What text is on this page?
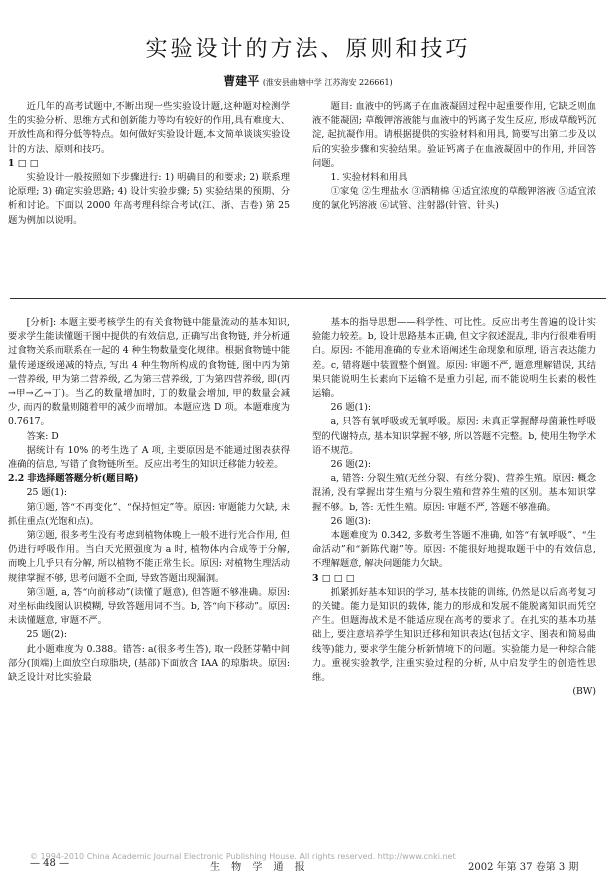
实验设计的方法、原则和技巧
曹建平 (淮安县曲塘中学 江苏海安 226661)

近几年的高考试题中,不断出现一些实验设计题,这种题对检测学生的实验分析、思维方式和创新能力等均有较好的作用,具有难度大、开放性高和得分低等特点。如何做好实验设计题,本文简单谈谈实验设计的方法、原则和技巧。

1 □ □

实验设计一般按照如下步骤进行: 1) 明确目的和要求; 2) 联系理论原理; 3) 确定实验思路; 4) 设计实验步骤; 5) 实验结果的预期、分析和讨论。下面以 2000 年高考理科综合考试(江、浙、吉卷) 第 25 题为例加以说明。

题目: 血液中的钙离子在血液凝固过程中起重要作用, 它缺乏则血液不能凝固; 草酸钾溶液能与血液中的钙离子发生反应, 形成草酸钙沉淀, 起抗凝作用。请根据提供的实验材料和用具, 简要写出第二步及以后的实验步骤和实验结果。验证钙离子在血液凝固中的作用, 并回答问题。

1. 实验材料和用具

①家兔 ②生理盐水 ③酒精棉 ④适宜浓度的草酸钾溶液 ⑤适宜浓度的氯化钙溶液 ⑥试管、注射器(针管、针头)

[分析]: 本题主要考核学生的有关食物链中能量流动的基本知识, 要求学生能读懂题干图中提供的有效信息, 正确写出食物链, 并分析通过食物关系而联系在一起的 4 种生物数量变化规律。根据食物链中能量传递逐级递减的特点, 写出 4 种生物所构成的食物链, 图中丙为第一营养级, 甲为第二营养级, 乙为第三营养级, 丁为第四营养级, 即(丙→甲→乙→丁)。当乙的数量增加时, 丁的数量会增加, 甲的数量会减少, 而丙的数量则随着甲的减少而增加。本题应选 D 项。本题难度为 0.7617。

答案: D

据统计有 10% 的考生选了 A 项, 主要原因是不能通过图表获得准确的信息, 写错了食物链所至。反应出考生的知识迁移能力较差。

2.2 非选择题答题分析(题目略)

25 题(1):

第①题, 答“不再变化”、“保持恒定”等。原因: 审题能力欠缺, 未抓住重点(光饱和点)。

第②题, 很多考生没有考虑到植物体晚上一般不进行光合作用, 但仍进行呼吸作用。当白天光照强度为 a 时, 植物体内合成等于分解, 而晚上几乎只有分解, 所以植物不能正常生长。原因: 对植物生理活动规律掌握不够, 思考问题不全面, 导致答题出现漏洞。

第③题, a, 答“向前移动”(读懂了题意), 但答题不够准确。原因: 对坐标曲线图认识模糊, 导致答题用词不当。b, 答“向下移动”。原因: 未读懂题意, 审题不严。

25 题(2):

此小题难度为 0.388。错答: a(很多考生答), 取一段胚芽鞘中间部分(顶端)上面放空白琼脂块, (基部)下面放含 IAA 的琼脂块。原因: 缺乏设计对比实验最

基本的指导思想——科学性、可比性。反应出考生普遍的设计实验能力较差。b, 设计思路基本正确, 但文字叙述混乱, 非内行很难看明白。原因: 不能用准确的专业术语阐述生命现象和原理, 语言表达能力差。c, 错将题中装置整个倒置。原因: 审题不严, 题意理解错误, 其结果只能说明生长素向下运输不是重力引起, 而不能说明生长素的极性运输。

26 题(1):

a, 只答有氧呼吸或无氧呼吸。原因: 未真正掌握酵母菌兼性呼吸型的代谢特点, 基本知识掌握不够, 所以答题不完整。b, 使用生物学术语不规范。

26 题(2):

a, 错答: 分裂生殖(无丝分裂、有丝分裂)、营养生殖。原因: 概念混淆, 没有掌握出芽生殖与分裂生殖和营养生殖的区别。基本知识掌握不够。b, 答: 无性生殖。原因: 审题不严, 答题不够准确。

26 题(3):

本题难度为 0.342, 多数考生答题不准确, 如答“有氧呼吸”、“生命活动”和“新陈代谢”等。原因: 不能很好地提取题干中的有效信息, 不理解题意, 解决问题能力欠缺。

3 □ □ □

抓紧抓好基本知识的学习, 基本技能的训练, 仍然是以后高考复习的关键。能力是知识的载体, 能力的形成和发展不能脱离知识而凭空产生。但题海战术是不能适应现在高考的要求了。在扎实的基本功基础上, 要注意培养学生知识迁移和知识表达(包括文字、图表和简易曲线等)能力, 要求学生能分析新情境下的问题。实验能力是一种综合能力。重视实验教学, 注重实验过程的分析, 从中启发学生的创造性思维。

(BW)

© 1994-2010 China Academic Journal Electronic Publishing House. All rights reserved. http://www.cnki.net
— 48 —	生 物 学 通 报	2002 年第 37 卷第 3 期
